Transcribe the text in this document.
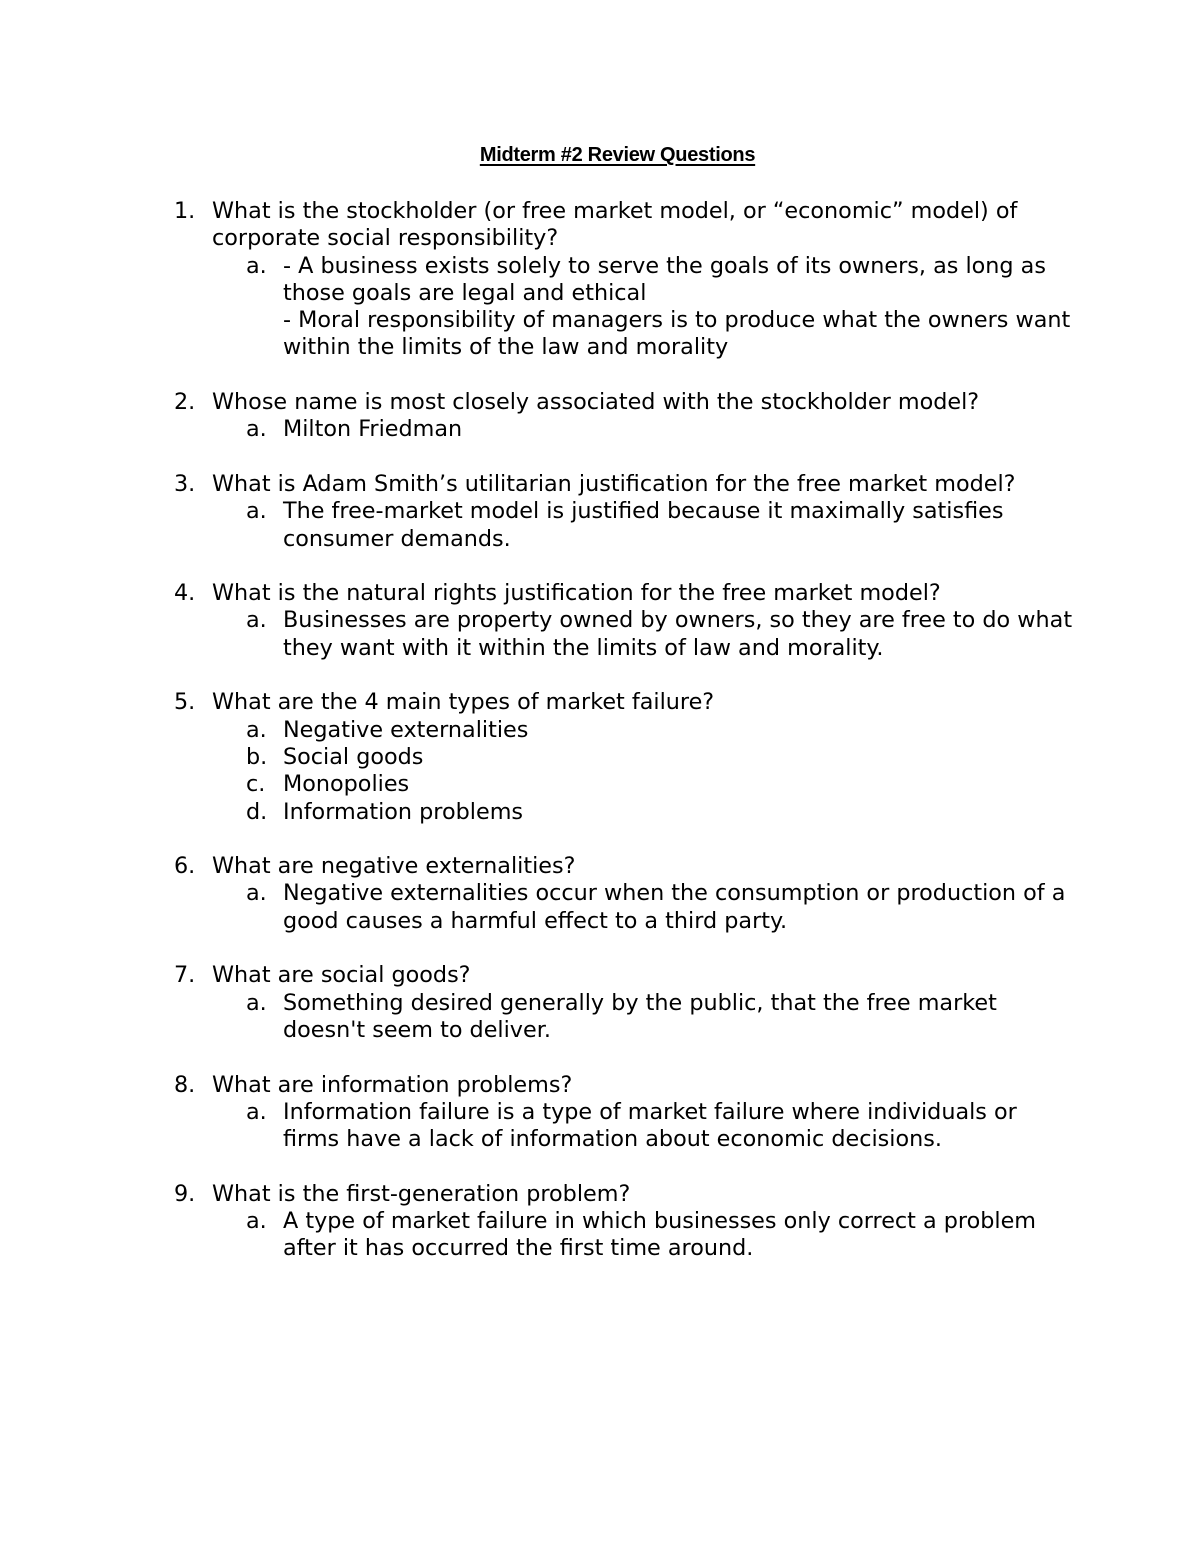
Midterm #2 Review Questions
1. What is the stockholder (or free market model, or “economic” model) of corporate social responsibility?
a. - A business exists solely to serve the goals of its owners, as long as those goals are legal and ethical
- Moral responsibility of managers is to produce what the owners want within the limits of the law and morality
2. Whose name is most closely associated with the stockholder model?
a. Milton Friedman
3. What is Adam Smith’s utilitarian justification for the free market model?
a. The free-market model is justified because it maximally satisfies consumer demands.
4. What is the natural rights justification for the free market model?
a. Businesses are property owned by owners, so they are free to do what they want with it within the limits of law and morality.
5. What are the 4 main types of market failure?
a. Negative externalities
b. Social goods
c. Monopolies
d. Information problems
6. What are negative externalities?
a. Negative externalities occur when the consumption or production of a good causes a harmful effect to a third party.
7. What are social goods?
a. Something desired generally by the public, that the free market doesn't seem to deliver.
8. What are information problems?
a. Information failure is a type of market failure where individuals or firms have a lack of information about economic decisions.
9. What is the first-generation problem?
a. A type of market failure in which businesses only correct a problem after it has occurred the first time around.
